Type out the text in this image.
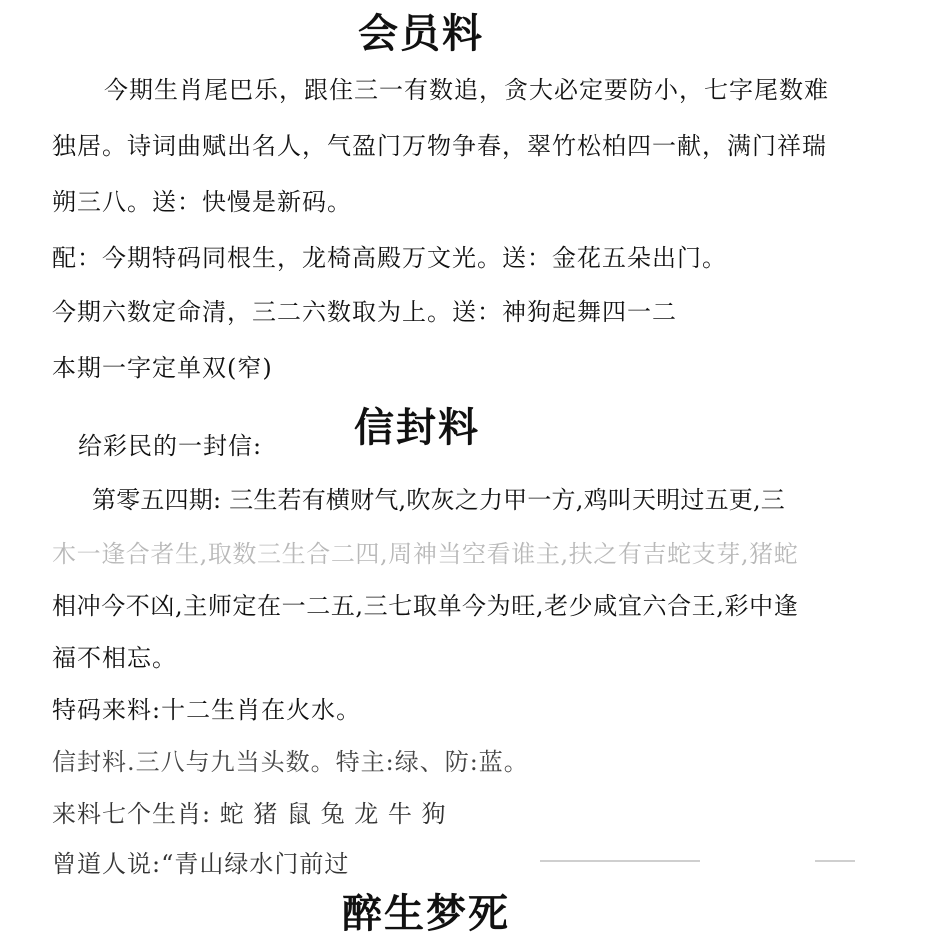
会员料
今期生肖尾巴乐，跟住三一有数追，贪大必定要防小，七字尾数难
独居。诗词曲赋出名人，气盈门万物争春，翠竹松柏四一献，满门祥瑞
朔三八。送：快慢是新码。
配：今期特码同根生，龙椅高殿万文光。送：金花五朵出门。
今期六数定命清，三二六数取为上。送：神狗起舞四一二
本期一字定单双(窄)
给彩民的一封信: 信封料
第零五四期: 三生若有横财气,吹灰之力甲一方,鸡叫天明过五更,三
木一逢合者生,取数三生合二四,周神当空看谁主,扶之有吉蛇支芽,猪蛇
相冲今不凶,主师定在一二五,三七取单今为旺,老少咸宜六合王,彩中逢
福不相忘。
特码来料:十二生肖在火水。
信封料.三八与九当头数。特主:绿、防:蓝。
来料七个生肖: 蛇 猪 鼠 兔 龙 牛 狗
曾道人说:“青山绿水门前过
醉生梦死
